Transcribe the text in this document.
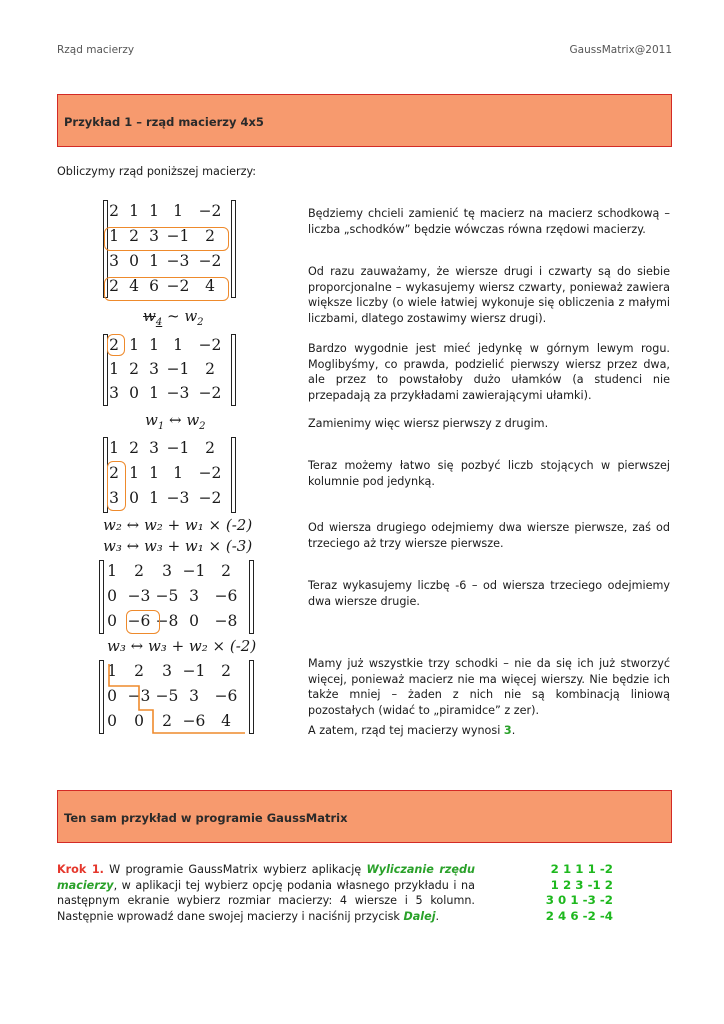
Rząd macierzy	GaussMatrix@2011
Przykład 1 – rząd macierzy 4x5
Obliczymy rząd poniższej macierzy:
2 1 1 1	−2
1 2 3 −1	2
3 0 1 −3 −2
2 4 6 −2	4
$w_4$ ~ $w_2$
2 1 1 1	−2
1 2 3 −1	2
3 0 1 −3 −2
$w_1$ ↔ $w_2$
1 2 3 −1	2
2 1 1 1	−2
3 0 1 −3 −2
w₂ ↔ w₂ + w₁ × (-2)
w₃ ↔ w₃ + w₁ × (-3)
1	2	3 −1	2
0 −3 −5 3	−6
0 −6 −8 0	−8
w₃ ↔ w₃ + w₂ × (-2)
1	2	3 −1	2
0 −3 −5 3	−6
0	0	2 −6	4
Będziemy chcieli zamienić tę macierz na macierz schodkową – liczba „schodków” będzie wówczas równa rzędowi macierzy.
Od razu zauważamy, że wiersze drugi i czwarty są do siebie proporcjonalne – wykasujemy wiersz czwarty, ponieważ zawiera większe liczby (o wiele łatwiej wykonuje się obliczenia z małymi liczbami, dlatego zostawimy wiersz drugi).
Bardzo wygodnie jest mieć jedynkę w górnym lewym rogu. Moglibyśmy, co prawda, podzielić pierwszy wiersz przez dwa, ale przez to powstałoby dużo ułamków (a studenci nie przepadają za przykładami zawierającymi ułamki).
Zamienimy więc wiersz pierwszy z drugim.
Teraz możemy łatwo się pozbyć liczb stojących w pierwszej kolumnie pod jedynką.
Od wiersza drugiego odejmiemy dwa wiersze pierwsze, zaś od trzeciego aż trzy wiersze pierwsze.
Teraz wykasujemy liczbę -6 – od wiersza trzeciego odejmiemy dwa wiersze drugie.
Mamy już wszystkie trzy schodki – nie da się ich już stworzyć więcej, ponieważ macierz nie ma więcej wierszy. Nie będzie ich także mniej – żaden z nich nie są kombinacją liniową pozostałych (widać to „piramidce” z zer).
A zatem, rząd tej macierzy wynosi 3.
Ten sam przykład w programie GaussMatrix
Krok 1. W programie GaussMatrix wybierz aplikację Wyliczanie rzędu macierzy, w aplikacji tej wybierz opcję podania własnego przykładu i na następnym ekranie wybierz rozmiar macierzy: 4 wiersze i 5 kolumn. Następnie wprowadź dane swojej macierzy i naciśnij przycisk Dalej.
2 1 1 1 -2
1 2 3 -1 2
3 0 1 -3 -2
2 4 6 -2 -4
